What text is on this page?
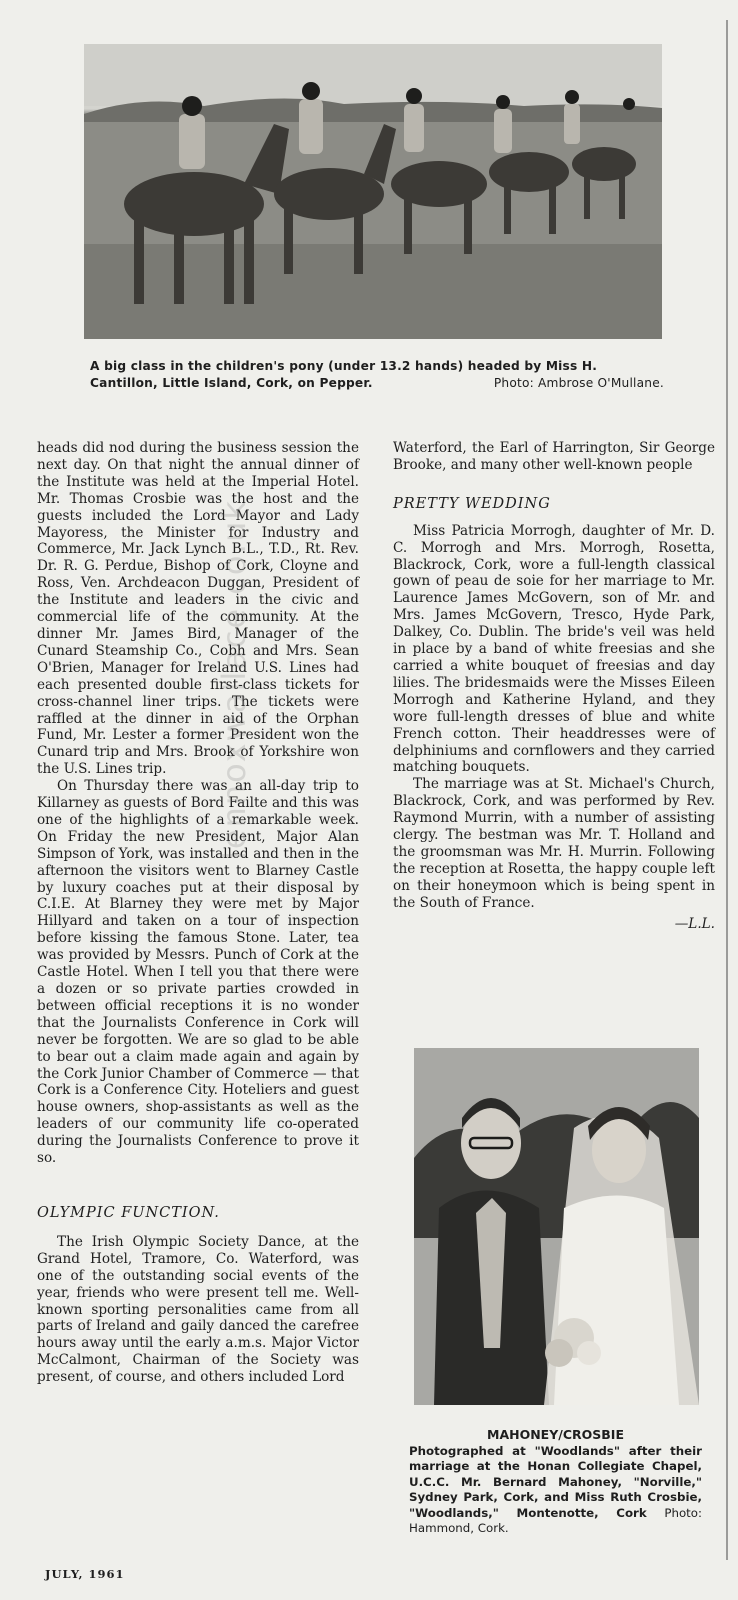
A big class in the children's pony (under 13.2 hands) headed by Miss H. Cantillon, Little Island, Cork, on Pepper.	Photo: Ambrose O'Mullane.

heads did nod during the business session the next day. On that night the annual dinner of the Institute was held at the Imperial Hotel. Mr. Thomas Crosbie was the host and the guests included the Lord Mayor and Lady Mayoress, the Minister for Industry and Commerce, Mr. Jack Lynch B.L., T.D., Rt. Rev. Dr. R. G. Perdue, Bishop of Cork, Cloyne and Ross, Ven. Archdeacon Duggan, President of the Institute and leaders in the civic and commercial life of the community. At the dinner Mr. James Bird, Manager of the Cunard Steamship Co., Cobh and Mrs. Sean O'Brien, Manager for Ireland U.S. Lines had each presented double first-class tickets for cross-channel liner trips. The tickets were raffled at the dinner in aid of the Orphan Fund, Mr. Lester a former President won the Cunard trip and Mrs. Brook of Yorkshire won the U.S. Lines trip.

On Thursday there was an all-day trip to Killarney as guests of Bord Failte and this was one of the highlights of a remarkable week. On Friday the new President, Major Alan Simpson of York, was installed and then in the afternoon the visitors went to Blarney Castle by luxury coaches put at their disposal by C.I.E. At Blarney they were met by Major Hillyard and taken on a tour of inspection before kissing the famous Stone. Later, tea was provided by Messrs. Punch of Cork at the Castle Hotel. When I tell you that there were a dozen or so private parties crowded in between official receptions it is no wonder that the Journalists Conference in Cork will never be forgotten. We are so glad to be able to bear out a claim made again and again by the Cork Junior Chamber of Commerce — that Cork is a Conference City. Hoteliers and guest house owners, shop-assistants as well as the leaders of our community life co-operated during the Journalists Conference to prove it so.

OLYMPIC FUNCTION.

The Irish Olympic Society Dance, at the Grand Hotel, Tramore, Co. Waterford, was one of the outstanding social events of the year, friends who were present tell me. Well-known sporting personalities came from all parts of Ireland and gaily danced the carefree hours away until the early a.m.s. Major Victor McCalmont, Chairman of the Society was present, of course, and others included Lord

Waterford, the Earl of Harrington, Sir George Brooke, and many other well-known people

PRETTY WEDDING

Miss Patricia Morrogh, daughter of Mr. D. C. Morrogh and Mrs. Morrogh, Rosetta, Blackrock, Cork, wore a full-length classical gown of peau de soie for her marriage to Mr. Laurence James McGovern, son of Mr. and Mrs. James McGovern, Tresco, Hyde Park, Dalkey, Co. Dublin. The bride's veil was held in place by a band of white freesias and she carried a white bouquet of freesias and day lilies. The bridesmaids were the Misses Eileen Morrogh and Katherine Hyland, and they wore full-length dresses of blue and white French cotton. Their headdresses were of delphiniums and cornflowers and they carried matching bouquets.

The marriage was at St. Michael's Church, Blackrock, Cork, and was performed by Rev. Raymond Murrin, with a number of assisting clergy. The bestman was Mr. T. Holland and the groomsman was Mr. H. Murrin. Following the reception at Rosetta, the happy couple left on their honeymoon which is being spent in the South of France.

—L.L.

MAHONEY/CROSBIE
Photographed at "Woodlands" after their marriage at the Honan Collegiate Chapel, U.C.C. Mr. Bernard Mahoney, "Norville," Sydney Park, Cork, and Miss Ruth Crosbie, "Woodlands," Montenotte, Cork Photo: Hammond, Cork.
JULY, 1961
lennoxwallace.co.uk
